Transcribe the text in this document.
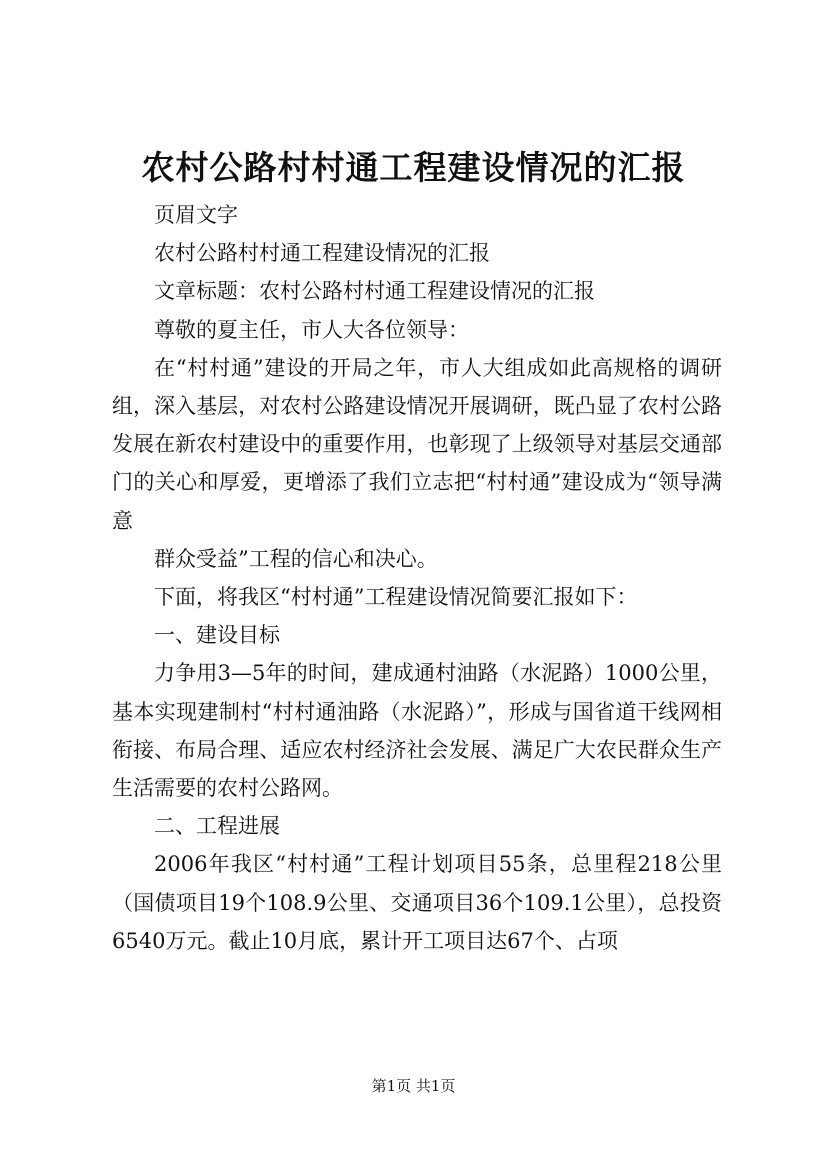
农村公路村村通工程建设情况的汇报

页眉文字

农村公路村村通工程建设情况的汇报

文章标题：农村公路村村通工程建设情况的汇报

尊敬的夏主任，市人大各位领导：

在“村村通”建设的开局之年，市人大组成如此高规格的调研组，深入基层，对农村公路建设情况开展调研，既凸显了农村公路发展在新农村建设中的重要作用，也彰现了上级领导对基层交通部门的关心和厚爱，更增添了我们立志把“村村通”建设成为“领导满意

群众受益”工程的信心和决心。

下面，将我区“村村通”工程建设情况简要汇报如下：

一、建设目标

力争用3—5年的时间，建成通村油路（水泥路）1000公里，基本实现建制村“村村通油路（水泥路）”，形成与国省道干线网相衔接、布局合理、适应农村经济社会发展、满足广大农民群众生产生活需要的农村公路网。

二、工程进展

2006年我区“村村通”工程计划项目55条，总里程218公里（国债项目19个108.9公里、交通项目36个109.1公里），总投资6540万元。截止10月底，累计开工项目达67个、占项

第1页 共1页
